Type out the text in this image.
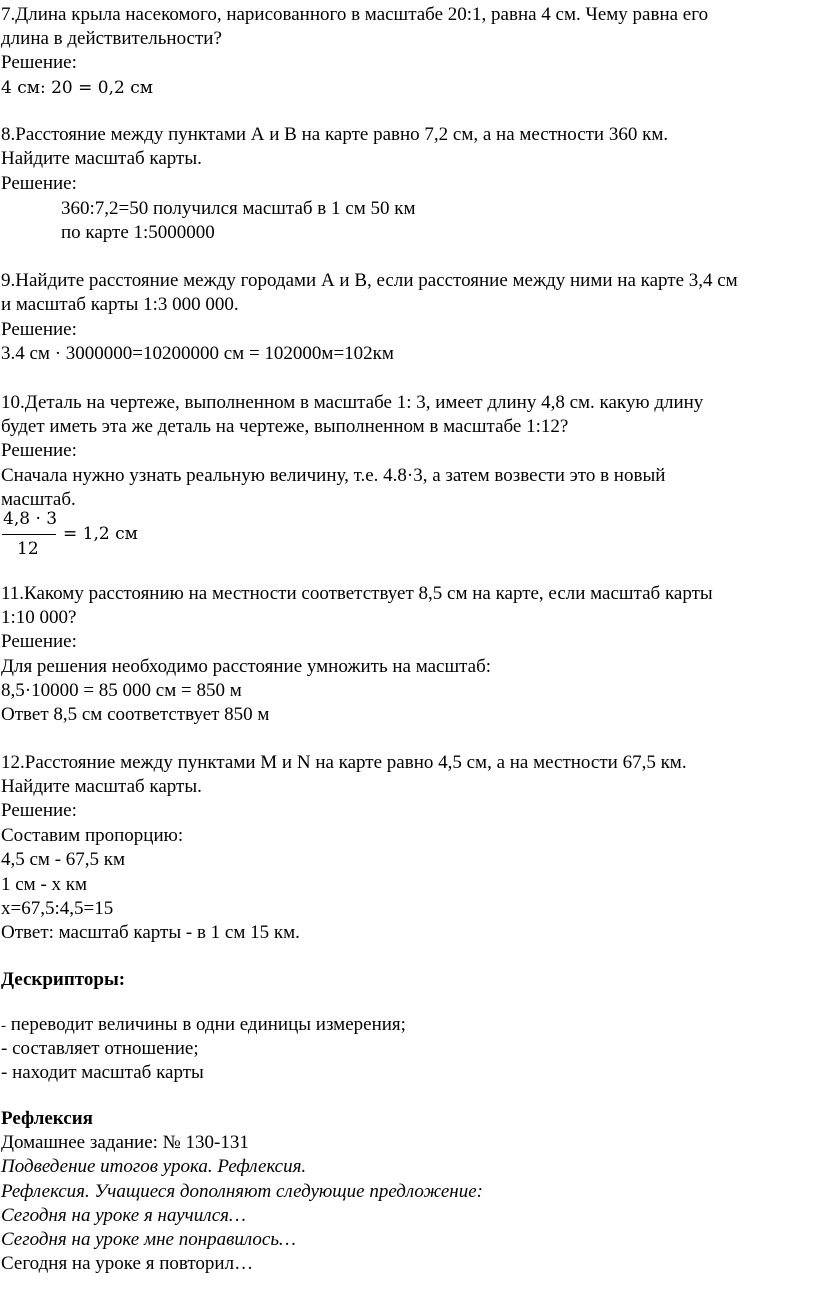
7.Длина крыла насекомого, нарисованного в масштабе 20:1, равна 4 см. Чему равна его
длина в действительности?
Решение:
4 см: 20 = 0,2 см
8.Расстояние между пунктами А и В на карте равно 7,2 см, а на местности 360 км.
Найдите масштаб карты.
Решение:
360:7,2=50 получился масштаб в 1 см 50 км
по карте 1:5000000
9.Найдите расстояние между городами А и В, если расстояние между ними на карте 3,4 см
и масштаб карты 1:3 000 000.
Решение:
3.4 см · 3000000=10200000 см = 102000м=102км
10.Деталь на чертеже, выполненном в масштабе 1: 3, имеет длину 4,8 см. какую длину
будет иметь эта же деталь на чертеже, выполненном в масштабе 1:12?
Решение:
Сначала нужно узнать реальную величину, т.е. 4.8·3, а затем возвести это в новый
масштаб.
4,8 · 3
12
= 1,2 см
11.Какому расстоянию на местности соответствует 8,5 см на карте, если масштаб карты
1:10 000?
Решение:
Для решения необходимо расстояние умножить на масштаб:
8,5·10000 = 85 000 см = 850 м
Ответ 8,5 см соответствует 850 м
12.Расстояние между пунктами M и N на карте равно 4,5 см, а на местности 67,5 км.
Найдите масштаб карты.
Решение:
Составим пропорцию:
4,5 см - 67,5 км
1 см - х км
х=67,5:4,5=15
Ответ: масштаб карты - в 1 см 15 км.
Дескрипторы:
- переводит величины в одни единицы измерения;
- составляет отношение;
- находит масштаб карты
Рефлексия
Домашнее задание: № 130-131
Подведение итогов урока. Рефлексия.
Рефлексия. Учащиеся дополняют следующие предложение:
Сегодня на уроке я научился…
Сегодня на уроке мне понравилось…
Сегодня на уроке я повторил…
